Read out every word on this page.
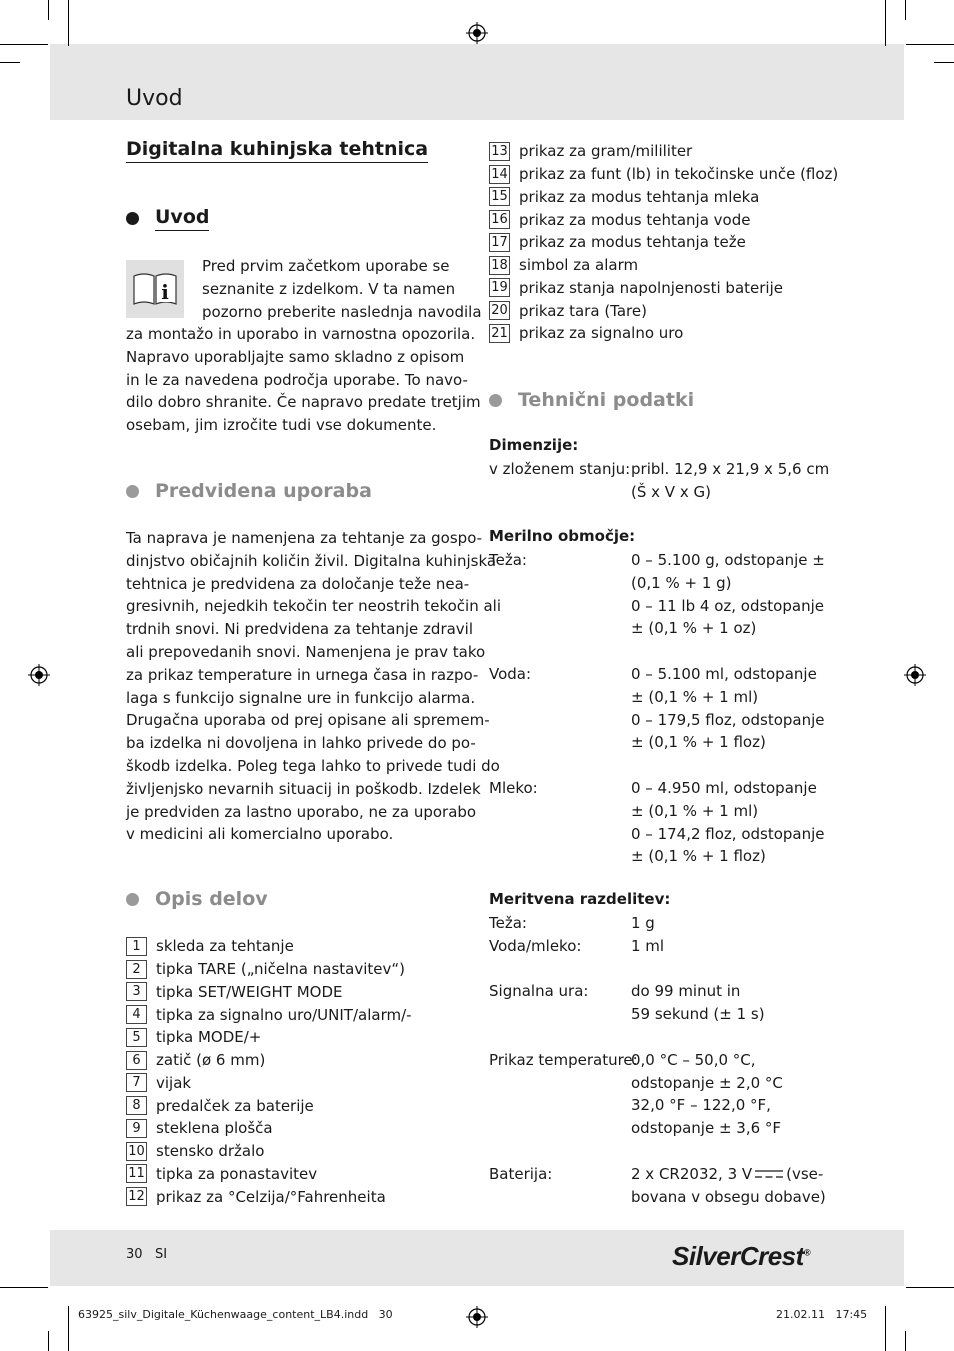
Uvod
Digitalna kuhinjska tehtnica
Uvod
i
Pred prvim začetkom uporabe se
seznanite z izdelkom. V ta namen
pozorno preberite naslednja navodila
za montažo in uporabo in varnostna opozorila.
Napravo uporabljajte samo skladno z opisom
in le za navedena področja uporabe. To navo-
dilo dobro shranite. Če napravo predate tretjim
osebam, jim izročite tudi vse dokumente.
Predvidena uporaba
Ta naprava je namenjena za tehtanje za gospo-
dinjstvo običajnih količin živil. Digitalna kuhinjska
tehtnica je predvidena za določanje teže nea-
gresivnih, nejedkih tekočin ter neostrih tekočin ali
trdnih snovi. Ni predvidena za tehtanje zdravil
ali prepovedanih snovi. Namenjena je prav tako
za prikaz temperature in urnega časa in razpo-
laga s funkcijo signalne ure in funkcijo alarma.
Drugačna uporaba od prej opisane ali spremem-
ba izdelka ni dovoljena in lahko privede do po-
škodb izdelka. Poleg tega lahko to privede tudi do
življenjsko nevarnih situacij in poškodb. Izdelek
je predviden za lastno uporabo, ne za uporabo
v medicini ali komercialno uporabo.
Opis delov
1	skleda za tehtanje
2	tipka TARE („ničelna nastavitev“)
3	tipka SET/WEIGHT MODE
4	tipka za signalno uro/UNIT/alarm/-
5	tipka MODE/+
6	zatič (ø 6 mm)
7	vijak
8	predalček za baterije
9	steklena plošča
10 stensko držalo
11 tipka za ponastavitev
12 prikaz za °Celzija/°Fahrenheita
13 prikaz za gram/mililiter
14 prikaz za funt (lb) in tekočinske unče (floz)
15 prikaz za modus tehtanja mleka
16 prikaz za modus tehtanja vode
17 prikaz za modus tehtanja teže
18 simbol za alarm
19 prikaz stanja napolnjenosti baterije
20 prikaz tara (Tare)
21 prikaz za signalno uro
Tehnični podatki
Dimenzije:
v zloženem stanju: pribl. 12,9 x 21,9 x 5,6 cm
(Š x V x G)
Merilno območje:
Teža:	0 – 5.100 g, odstopanje ±
(0,1 % + 1 g)
0 – 11 lb 4 oz, odstopanje
± (0,1 % + 1 oz)
Voda:	0 – 5.100 ml, odstopanje
± (0,1 % + 1 ml)
0 – 179,5 floz, odstopanje
± (0,1 % + 1 floz)
Mleko:	0 – 4.950 ml, odstopanje
± (0,1 % + 1 ml)
0 – 174,2 floz, odstopanje
± (0,1 % + 1 floz)
Meritvena razdelitev:
Teža:	1 g
Voda/mleko:	1 ml
Signalna ura:	do 99 minut in
59 sekund (± 1 s)
Prikaz temperature:
0,0 °C – 50,0 °C,
odstopanje ± 2,0 °C
32,0 °F – 122,0 °F,
odstopanje ± 3,6 °F
Baterija:	2 x CR2032, 3 V (vse-
bovana v obsegu dobave)
30 SI	SilverCrest®
63925_silv_Digitale_Küchenwaage_content_LB4.indd   30	21.02.11   17:45
